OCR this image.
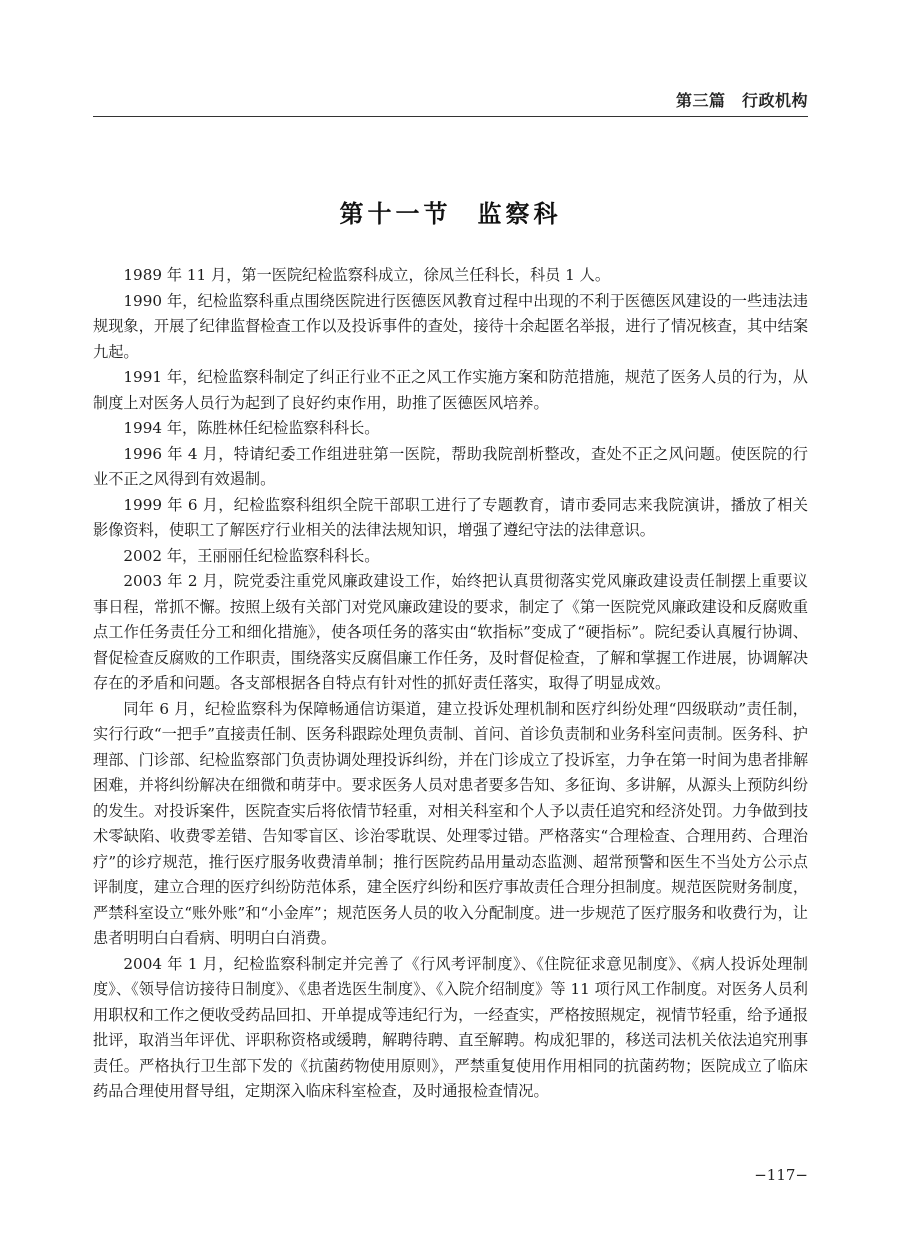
第三篇　行政机构
第十一节 监察科

1989 年 11 月，第一医院纪检监察科成立，徐凤兰任科长，科员 1 人。

1990 年，纪检监察科重点围绕医院进行医德医风教育过程中出现的不利于医德医风建设的一些违法违规现象，开展了纪律监督检查工作以及投诉事件的查处，接待十余起匿名举报，进行了情况核查，其中结案九起。

1991 年，纪检监察科制定了纠正行业不正之风工作实施方案和防范措施，规范了医务人员的行为，从制度上对医务人员行为起到了良好约束作用，助推了医德医风培养。

1994 年，陈胜林任纪检监察科科长。

1996 年 4 月，特请纪委工作组进驻第一医院，帮助我院剖析整改，查处不正之风问题。使医院的行业不正之风得到有效遏制。

1999 年 6 月，纪检监察科组织全院干部职工进行了专题教育，请市委同志来我院演讲，播放了相关影像资料，使职工了解医疗行业相关的法律法规知识，增强了遵纪守法的法律意识。

2002 年，王丽丽任纪检监察科科长。

2003 年 2 月，院党委注重党风廉政建设工作，始终把认真贯彻落实党风廉政建设责任制摆上重要议事日程，常抓不懈。按照上级有关部门对党风廉政建设的要求，制定了《第一医院党风廉政建设和反腐败重点工作任务责任分工和细化措施》，使各项任务的落实由“软指标”变成了“硬指标”。院纪委认真履行协调、督促检查反腐败的工作职责，围绕落实反腐倡廉工作任务，及时督促检查，了解和掌握工作进展，协调解决存在的矛盾和问题。各支部根据各自特点有针对性的抓好责任落实，取得了明显成效。

同年 6 月，纪检监察科为保障畅通信访渠道，建立投诉处理机制和医疗纠纷处理“四级联动”责任制，实行行政“一把手”直接责任制、医务科跟踪处理负责制、首问、首诊负责制和业务科室问责制。医务科、护理部、门诊部、纪检监察部门负责协调处理投诉纠纷，并在门诊成立了投诉室，力争在第一时间为患者排解困难，并将纠纷解决在细微和萌芽中。要求医务人员对患者要多告知、多征询、多讲解，从源头上预防纠纷的发生。对投诉案件，医院查实后将依情节轻重，对相关科室和个人予以责任追究和经济处罚。力争做到技术零缺陷、收费零差错、告知零盲区、诊治零耽误、处理零过错。严格落实“合理检查、合理用药、合理治疗”的诊疗规范，推行医疗服务收费清单制；推行医院药品用量动态监测、超常预警和医生不当处方公示点评制度，建立合理的医疗纠纷防范体系，建全医疗纠纷和医疗事故责任合理分担制度。规范医院财务制度，严禁科室设立“账外账”和“小金库”；规范医务人员的收入分配制度。进一步规范了医疗服务和收费行为，让患者明明白白看病、明明白白消费。

2004 年 1 月，纪检监察科制定并完善了《行风考评制度》、《住院征求意见制度》、《病人投诉处理制度》、《领导信访接待日制度》、《患者选医生制度》、《入院介绍制度》等 11 项行风工作制度。对医务人员利用职权和工作之便收受药品回扣、开单提成等违纪行为，一经查实，严格按照规定，视情节轻重，给予通报批评，取消当年评优、评职称资格或缓聘，解聘待聘、直至解聘。构成犯罪的，移送司法机关依法追究刑事责任。严格执行卫生部下发的《抗菌药物使用原则》，严禁重复使用作用相同的抗菌药物；医院成立了临床药品合理使用督导组，定期深入临床科室检查，及时通报检查情况。

−117−
